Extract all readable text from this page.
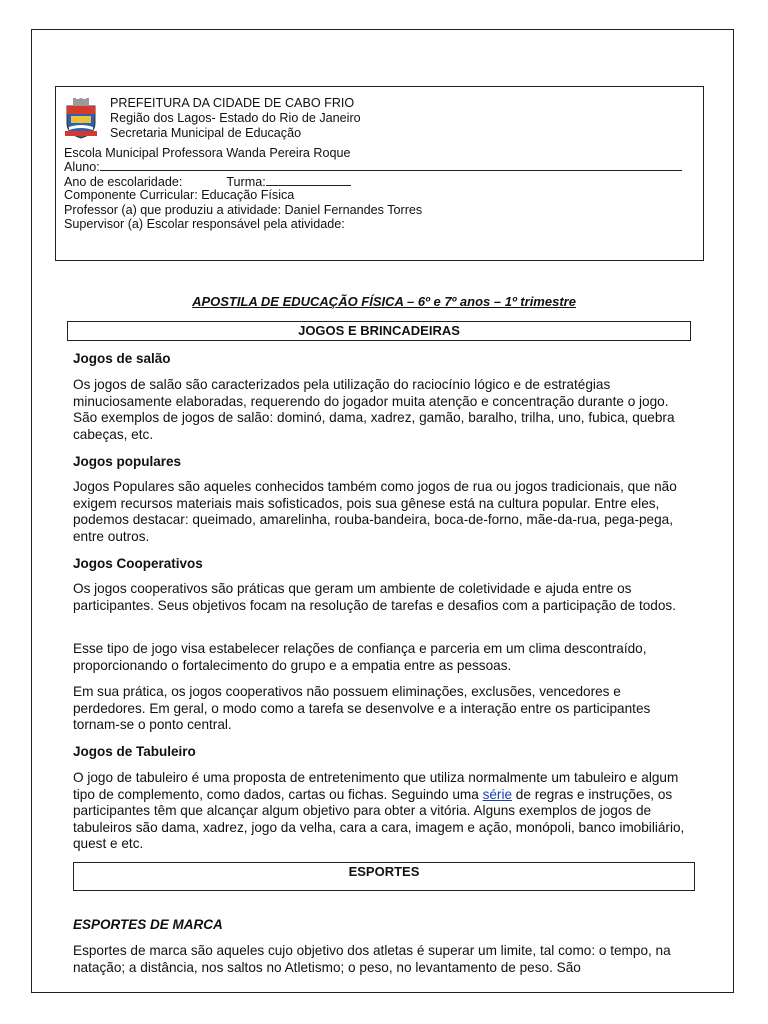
PREFEITURA DA CIDADE DE CABO FRIO
Região dos Lagos- Estado do Rio de Janeiro
Secretaria Municipal de Educação
Escola Municipal Professora Wanda Pereira Roque
Aluno:
Ano de escolaridade:	Turma:
Componente Curricular: Educação Física
Professor (a) que produziu a atividade: Daniel Fernandes Torres
Supervisor (a) Escolar responsável pela atividade:
APOSTILA DE EDUCAÇÃO FÍSICA – 6º e 7º anos – 1º trimestre
JOGOS E BRINCADEIRAS
Jogos de salão
Os jogos de salão são caracterizados pela utilização do raciocínio lógico e de estratégias minuciosamente elaboradas, requerendo do jogador muita atenção e concentração durante o jogo. São exemplos de jogos de salão: dominó, dama, xadrez, gamão, baralho, trilha, uno, fubica, quebra cabeças, etc.
Jogos populares
Jogos Populares são aqueles conhecidos também como jogos de rua ou jogos tradicionais, que não exigem recursos materiais mais sofisticados, pois sua gênese está na cultura popular. Entre eles, podemos destacar: queimado, amarelinha, rouba-bandeira, boca-de-forno, mãe-da-rua, pega-pega, entre outros.
Jogos Cooperativos
Os jogos cooperativos são práticas que geram um ambiente de coletividade e ajuda entre os participantes. Seus objetivos focam na resolução de tarefas e desafios com a participação de todos.
Esse tipo de jogo visa estabelecer relações de confiança e parceria em um clima descontraído, proporcionando o fortalecimento do grupo e a empatia entre as pessoas.
Em sua prática, os jogos cooperativos não possuem eliminações, exclusões, vencedores e perdedores. Em geral, o modo como a tarefa se desenvolve e a interação entre os participantes tornam-se o ponto central.
Jogos de Tabuleiro
O jogo de tabuleiro é uma proposta de entretenimento que utiliza normalmente um tabuleiro e algum tipo de complemento, como dados, cartas ou fichas. Seguindo uma série de regras e instruções, os participantes têm que alcançar algum objetivo para obter a vitória. Alguns exemplos de jogos de tabuleiros são dama, xadrez, jogo da velha, cara a cara, imagem e ação, monópoli, banco imobiliário, quest e etc.
ESPORTES
ESPORTES DE MARCA
Esportes de marca são aqueles cujo objetivo dos atletas é superar um limite, tal como: o tempo, na natação; a distância, nos saltos no Atletismo; o peso, no levantamento de peso. São
